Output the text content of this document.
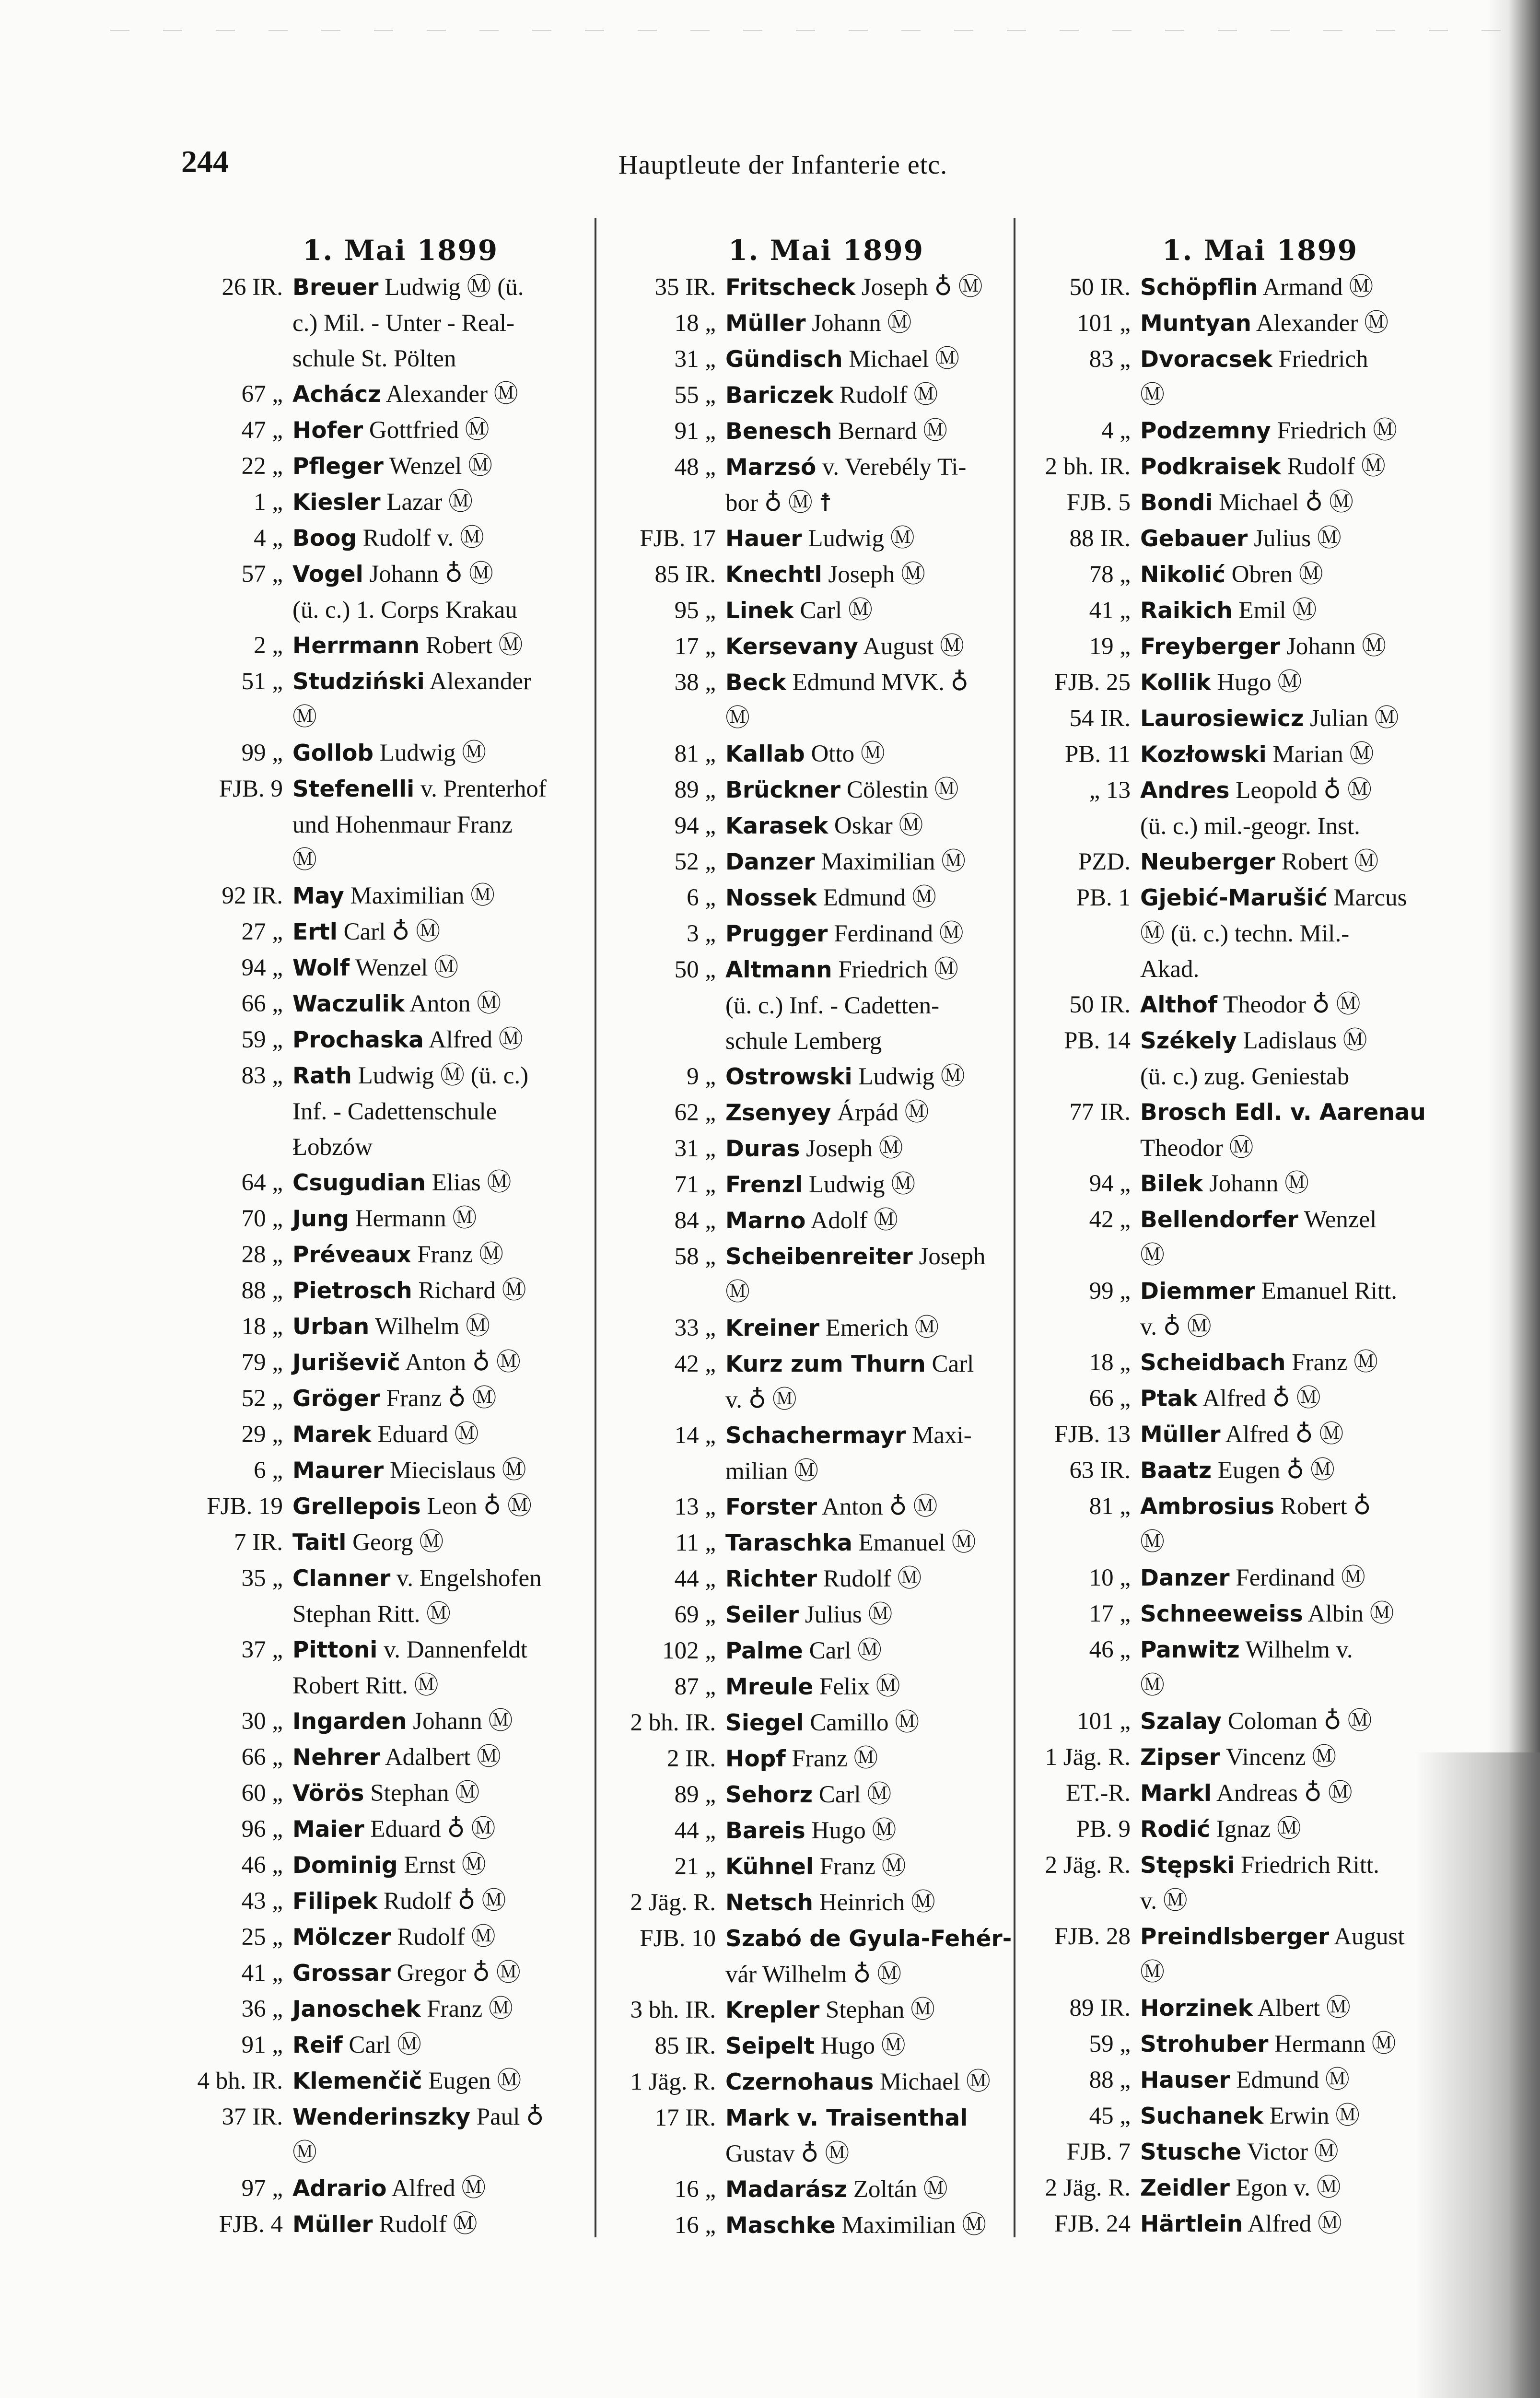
244	Hauptleute der Infanterie etc.
1. Mai 1899
26 IR. Breuer Ludwig Ⓜ (ü.
c.) Mil. - Unter - Real-
schule St. Pölten
67 „ Achácz Alexander Ⓜ
47 „ Hofer Gottfried Ⓜ
22 „ Pfleger Wenzel Ⓜ
1 „ Kiesler Lazar Ⓜ
4 „ Boog Rudolf v. Ⓜ
57 „ Vogel Johann ♁ Ⓜ
(ü. c.) 1. Corps Krakau
2 „ Herrmann Robert Ⓜ
51 „ Studziński Alexander
Ⓜ
99 „ Gollob Ludwig Ⓜ
FJB. 9 Stefenelli v. Prenterhof
und Hohenmaur Franz
Ⓜ
92 IR. May Maximilian Ⓜ
27 „ Ertl Carl ♁ Ⓜ
94 „ Wolf Wenzel Ⓜ
66 „ Waczulik Anton Ⓜ
59 „ Prochaska Alfred Ⓜ
83 „ Rath Ludwig Ⓜ (ü. c.)
Inf. - Cadettenschule
Łobzów
64 „ Csugudian Elias Ⓜ
70 „ Jung Hermann Ⓜ
28 „ Préveaux Franz Ⓜ
88 „ Pietrosch Richard Ⓜ
18 „ Urban Wilhelm Ⓜ
79 „ Juriševič Anton ♁ Ⓜ
52 „ Gröger Franz ♁ Ⓜ
29 „ Marek Eduard Ⓜ
6 „ Maurer Miecislaus Ⓜ
FJB. 19 Grellepois Leon ♁ Ⓜ
7 IR. Taitl Georg Ⓜ
35 „ Clanner v. Engelshofen
Stephan Ritt. Ⓜ
37 „ Pittoni v. Dannenfeldt
Robert Ritt. Ⓜ
30 „ Ingarden Johann Ⓜ
66 „ Nehrer Adalbert Ⓜ
60 „ Vörös Stephan Ⓜ
96 „ Maier Eduard ♁ Ⓜ
46 „ Dominig Ernst Ⓜ
43 „ Filipek Rudolf ♁ Ⓜ
25 „ Mölczer Rudolf Ⓜ
41 „ Grossar Gregor ♁ Ⓜ
36 „ Janoschek Franz Ⓜ
91 „ Reif Carl Ⓜ
4 bh. IR. Klemenčič Eugen Ⓜ
37 IR. Wenderinszky Paul ♁
Ⓜ
97 „ Adrario Alfred Ⓜ
FJB. 4 Müller Rudolf Ⓜ
1. Mai 1899
35 IR. Fritscheck Joseph ♁ Ⓜ
18 „ Müller Johann Ⓜ
31 „ Gündisch Michael Ⓜ
55 „ Bariczek Rudolf Ⓜ
91 „ Benesch Bernard Ⓜ
48 „ Marzsó v. Verebély Ti-
bor ♁ Ⓜ ☨
FJB. 17 Hauer Ludwig Ⓜ
85 IR. Knechtl Joseph Ⓜ
95 „ Linek Carl Ⓜ
17 „ Kersevany August Ⓜ
38 „ Beck Edmund MVK. ♁
Ⓜ
81 „ Kallab Otto Ⓜ
89 „ Brückner Cölestin Ⓜ
94 „ Karasek Oskar Ⓜ
52 „ Danzer Maximilian Ⓜ
6 „ Nossek Edmund Ⓜ
3 „ Prugger Ferdinand Ⓜ
50 „ Altmann Friedrich Ⓜ
(ü. c.) Inf. - Cadetten-
schule Lemberg
9 „ Ostrowski Ludwig Ⓜ
62 „ Zsenyey Árpád Ⓜ
31 „ Duras Joseph Ⓜ
71 „ Frenzl Ludwig Ⓜ
84 „ Marno Adolf Ⓜ
58 „ Scheibenreiter Joseph
Ⓜ
33 „ Kreiner Emerich Ⓜ
42 „ Kurz zum Thurn Carl
v. ♁ Ⓜ
14 „ Schachermayr Maxi-
milian Ⓜ
13 „ Forster Anton ♁ Ⓜ
11 „ Taraschka Emanuel Ⓜ
44 „ Richter Rudolf Ⓜ
69 „ Seiler Julius Ⓜ
102 „ Palme Carl Ⓜ
87 „ Mreule Felix Ⓜ
2 bh. IR. Siegel Camillo Ⓜ
2 IR. Hopf Franz Ⓜ
89 „ Sehorz Carl Ⓜ
44 „ Bareis Hugo Ⓜ
21 „ Kühnel Franz Ⓜ
2 Jäg. R. Netsch Heinrich Ⓜ
FJB. 10 Szabó de Gyula-Fehér-
vár Wilhelm ♁ Ⓜ
3 bh. IR. Krepler Stephan Ⓜ
85 IR. Seipelt Hugo Ⓜ
1 Jäg. R. Czernohaus Michael Ⓜ
17 IR. Mark v. Traisenthal
Gustav ♁ Ⓜ
16 „ Madarász Zoltán Ⓜ
16 „ Maschke Maximilian Ⓜ
1. Mai 1899
50 IR. Schöpflin Armand Ⓜ
101 „ Muntyan Alexander Ⓜ
83 „ Dvoracsek Friedrich
Ⓜ
4 „ Podzemny Friedrich Ⓜ
2 bh. IR. Podkraisek Rudolf Ⓜ
FJB. 5 Bondi Michael ♁ Ⓜ
88 IR. Gebauer Julius Ⓜ
78 „ Nikolić Obren Ⓜ
41 „ Raikich Emil Ⓜ
19 „ Freyberger Johann Ⓜ
FJB. 25 Kollik Hugo Ⓜ
54 IR. Laurosiewicz Julian Ⓜ
PB. 11 Kozłowski Marian Ⓜ
„ 13 Andres Leopold ♁ Ⓜ
(ü. c.) mil.-geogr. Inst.
PZD. Neuberger Robert Ⓜ
PB. 1 Gjebić-Marušić Marcus
Ⓜ (ü. c.) techn. Mil.-
Akad.
50 IR. Althof Theodor ♁ Ⓜ
PB. 14 Székely Ladislaus Ⓜ
(ü. c.) zug. Geniestab
77 IR. Brosch Edl. v. Aarenau
Theodor Ⓜ
94 „ Bilek Johann Ⓜ
42 „ Bellendorfer Wenzel
Ⓜ
99 „ Diemmer Emanuel Ritt.
v. ♁ Ⓜ
18 „ Scheidbach Franz Ⓜ
66 „ Ptak Alfred ♁ Ⓜ
FJB. 13 Müller Alfred ♁ Ⓜ
63 IR. Baatz Eugen ♁ Ⓜ
81 „ Ambrosius Robert ♁
Ⓜ
10 „ Danzer Ferdinand Ⓜ
17 „ Schneeweiss Albin Ⓜ
46 „ Panwitz Wilhelm v.
Ⓜ
101 „ Szalay Coloman ♁ Ⓜ
1 Jäg. R. Zipser Vincenz Ⓜ
ET.-R. Markl Andreas ♁ Ⓜ
PB. 9 Rodić Ignaz Ⓜ
2 Jäg. R. Stępski Friedrich Ritt.
v. Ⓜ
FJB. 28 Preindlsberger August
Ⓜ
89 IR. Horzinek Albert Ⓜ
59 „ Strohuber Hermann Ⓜ
88 „ Hauser Edmund Ⓜ
45 „ Suchanek Erwin Ⓜ
FJB. 7 Stusche Victor Ⓜ
2 Jäg. R. Zeidler Egon v. Ⓜ
FJB. 24 Härtlein Alfred Ⓜ
